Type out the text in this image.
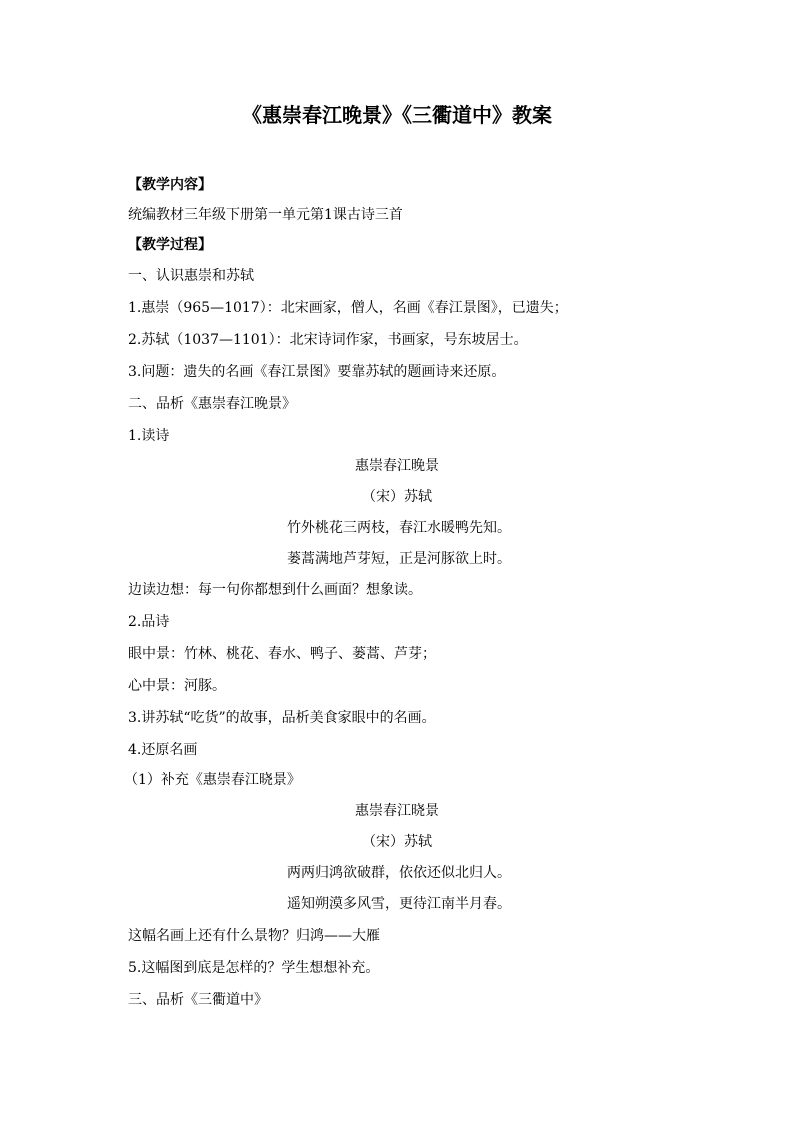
《惠崇春江晚景》《三衢道中》教案
【教学内容】
统编教材三年级下册第一单元第1课古诗三首
【教学过程】
一、认识惠崇和苏轼
1.惠崇（965—1017）：北宋画家，僧人，名画《春江景图》，已遗失；
2.苏轼（1037—1101）：北宋诗词作家，书画家，号东坡居士。
3.问题：遗失的名画《春江景图》要靠苏轼的题画诗来还原。
二、品析《惠崇春江晚景》
1.读诗
惠崇春江晚景
（宋）苏轼
竹外桃花三两枝，春江水暖鸭先知。
蒌蒿满地芦芽短，正是河豚欲上时。
边读边想：每一句你都想到什么画面？想象读。
2.品诗
眼中景：竹林、桃花、春水、鸭子、蒌蒿、芦芽；
心中景：河豚。
3.讲苏轼“吃货”的故事，品析美食家眼中的名画。
4.还原名画
（1）补充《惠崇春江晓景》
惠崇春江晓景
（宋）苏轼
两两归鸿欲破群，依依还似北归人。
遥知朔漠多风雪，更待江南半月春。
这幅名画上还有什么景物？归鸿——大雁
5.这幅图到底是怎样的？学生想想补充。
三、品析《三衢道中》
